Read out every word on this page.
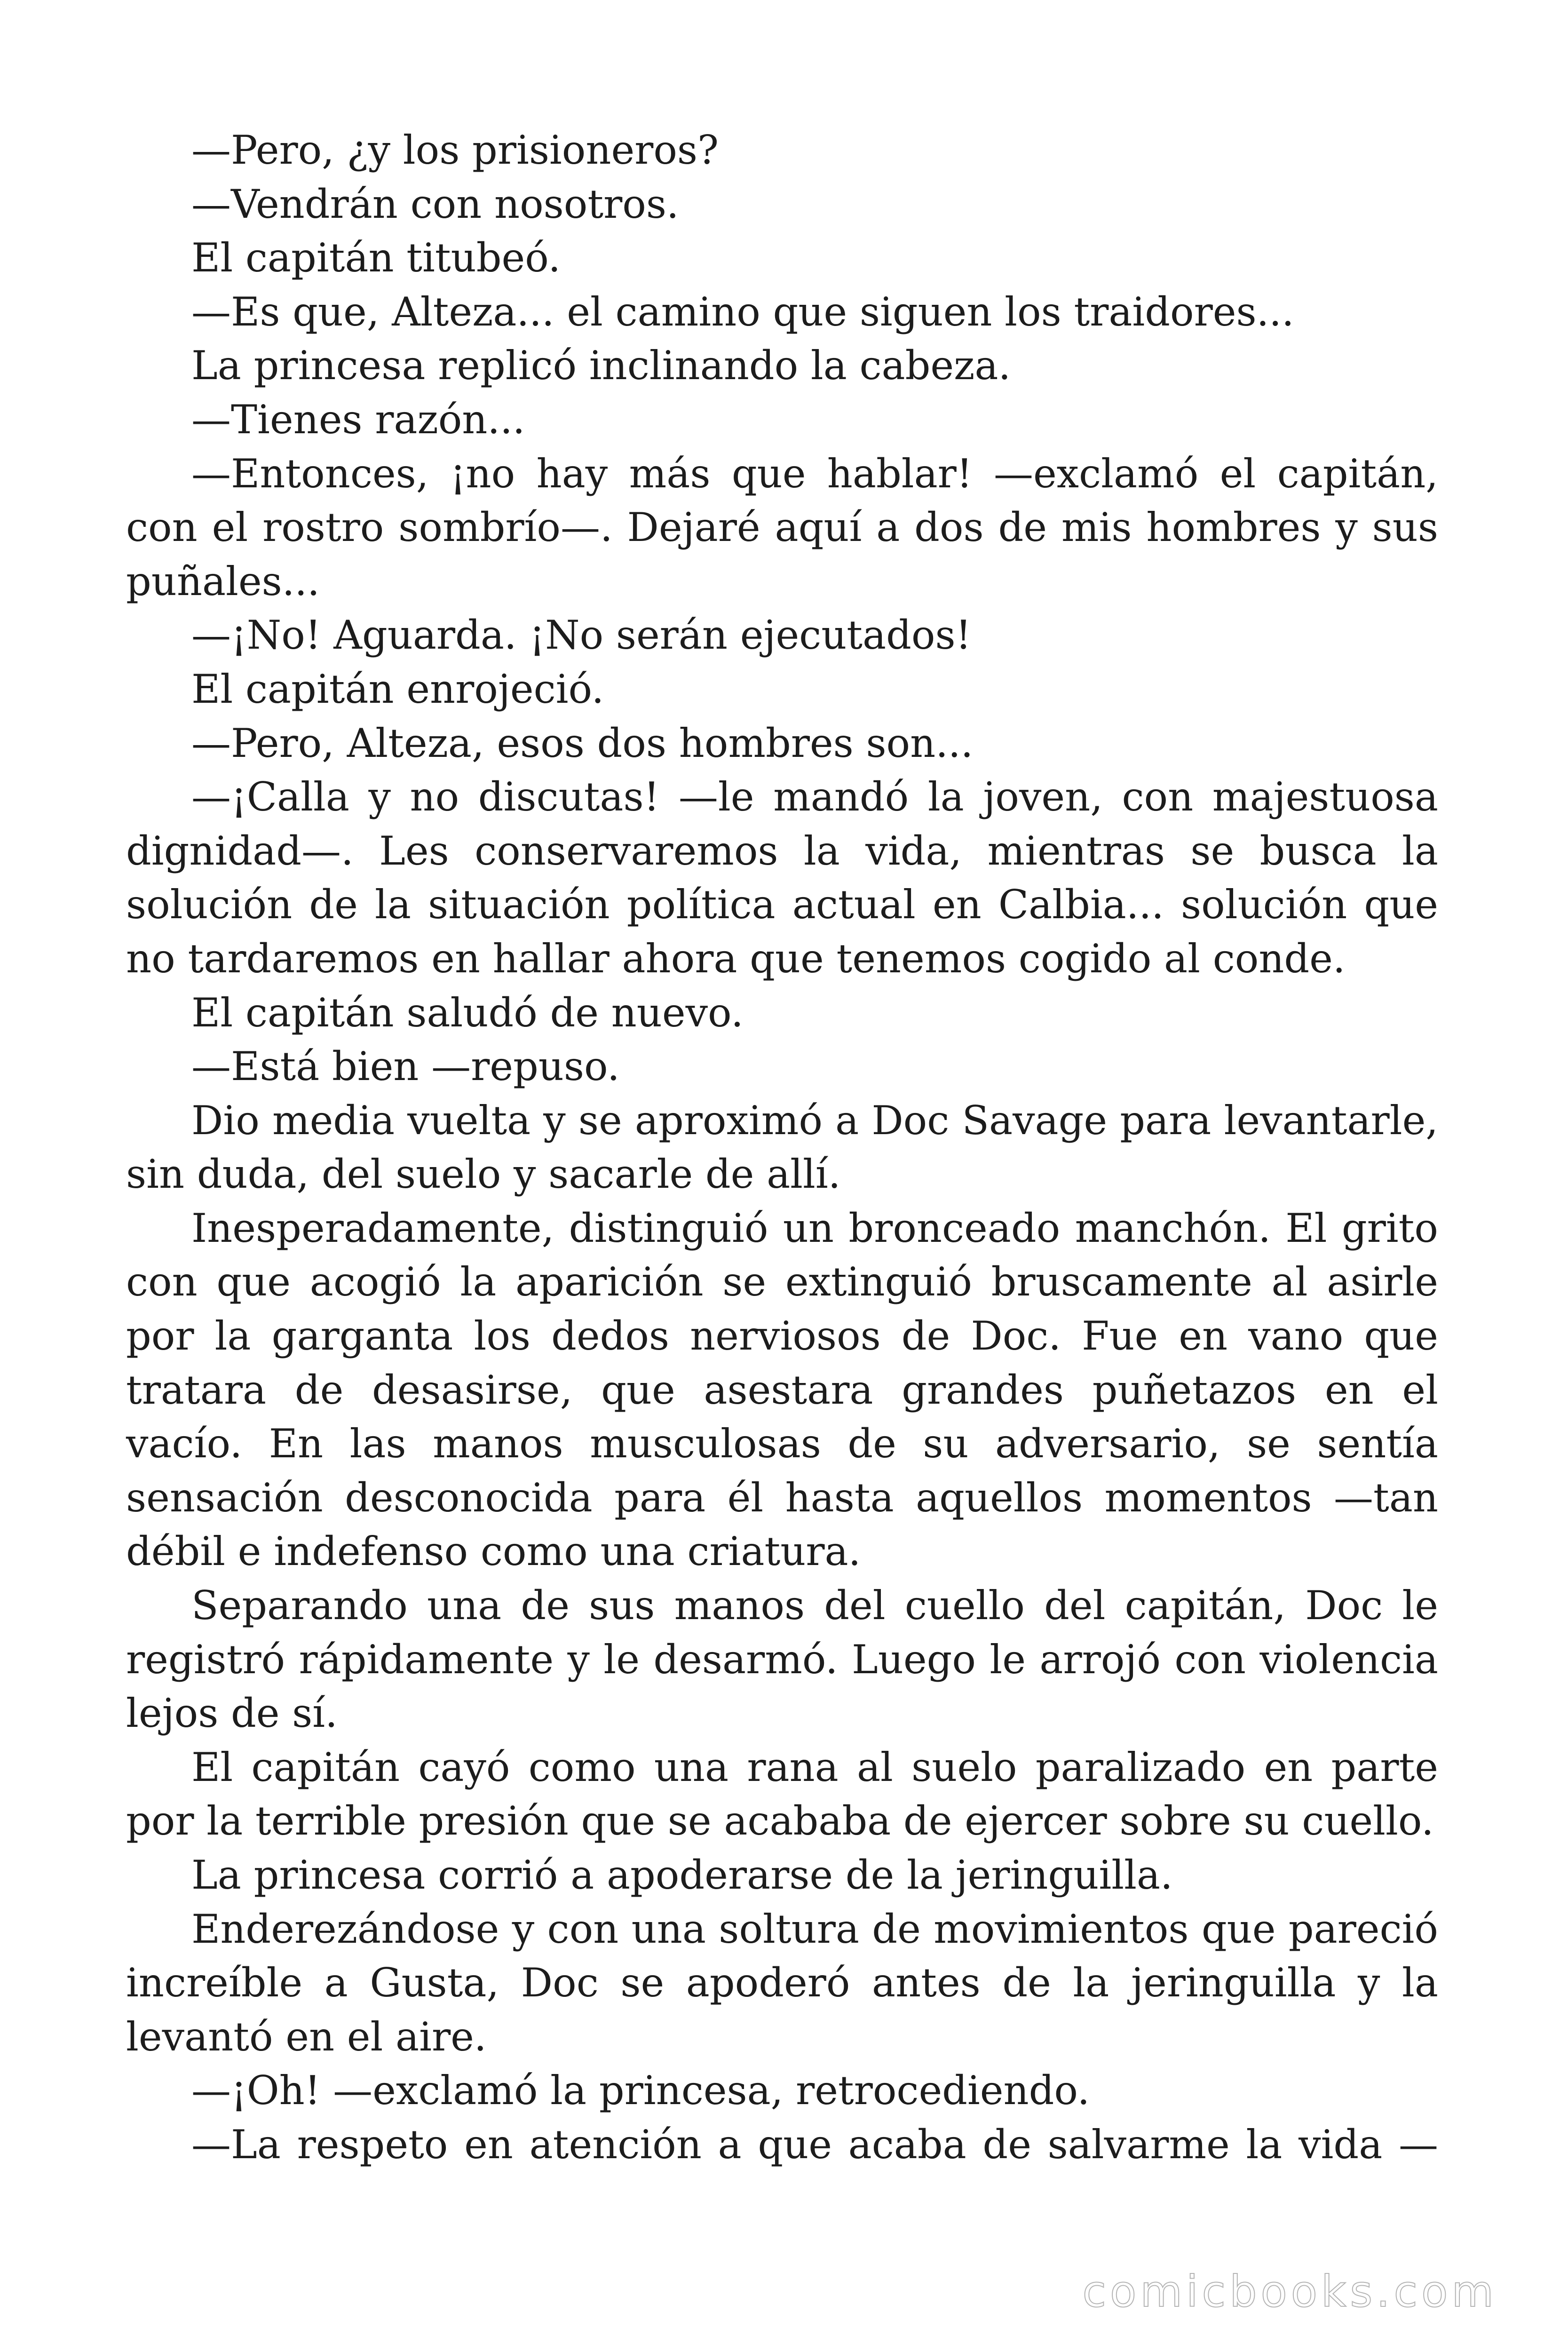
—Pero, ¿y los prisioneros?

—Vendrán con nosotros.

El capitán titubeó.

—Es que, Alteza... el camino que siguen los traidores...

La princesa replicó inclinando la cabeza.

—Tienes razón...

—Entonces, ¡no hay más que hablar! —exclamó el capitán, con el rostro sombrío—. Dejaré aquí a dos de mis hombres y sus puñales...

—¡No! Aguarda. ¡No serán ejecutados!

El capitán enrojeció.

—Pero, Alteza, esos dos hombres son...

—¡Calla y no discutas! —le mandó la joven, con majestuosa dignidad—. Les conservaremos la vida, mientras se busca la solución de la situación política actual en Calbia... solución que no tardaremos en hallar ahora que tenemos cogido al conde.

El capitán saludó de nuevo.

—Está bien —repuso.

Dio media vuelta y se aproximó a Doc Savage para levantarle, sin duda, del suelo y sacarle de allí.

Inesperadamente, distinguió un bronceado manchón. El grito con que acogió la aparición se extinguió bruscamente al asirle por la garganta los dedos nerviosos de Doc. Fue en vano que tratara de desasirse, que asestara grandes puñetazos en el vacío. En las manos musculosas de su adversario, se sentía sensación desconocida para él hasta aquellos momentos —tan débil e indefenso como una criatura.

Separando una de sus manos del cuello del capitán, Doc le registró rápidamente y le desarmó. Luego le arrojó con violencia lejos de sí.

El capitán cayó como una rana al suelo paralizado en parte por la terrible presión que se acababa de ejercer sobre su cuello.

La princesa corrió a apoderarse de la jeringuilla.

Enderezándose y con una soltura de movimientos que pareció increíble a Gusta, Doc se apoderó antes de la jeringuilla y la levantó en el aire.

—¡Oh! —exclamó la princesa, retrocediendo.

—La respeto en atención a que acaba de salvarme la vida —

comicbooks.com
